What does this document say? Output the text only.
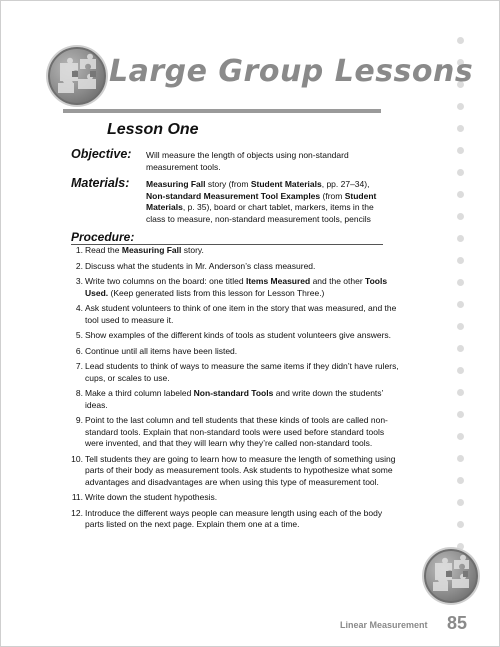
Large Group Lessons
Lesson One
Objective: Will measure the length of objects using non-standard measurement tools.
Materials: Measuring Fall story (from Student Materials, pp. 27–34), Non-standard Measurement Tool Examples (from Student Materials, p. 35), board or chart tablet, markers, items in the class to measure, non-standard measurement tools, pencils
Procedure:
1. Read the Measuring Fall story.
2. Discuss what the students in Mr. Anderson’s class measured.
3. Write two columns on the board: one titled Items Measured and the other Tools Used. (Keep generated lists from this lesson for Lesson Three.)
4. Ask student volunteers to think of one item in the story that was measured, and the tool used to measure it.
5. Show examples of the different kinds of tools as student volunteers give answers.
6. Continue until all items have been listed.
7. Lead students to think of ways to measure the same items if they didn’t have rulers, cups, or scales to use.
8. Make a third column labeled Non-standard Tools and write down the students’ ideas.
9. Point to the last column and tell students that these kinds of tools are called non-standard tools. Explain that non-standard tools were used before standard tools were invented, and that they will learn why they’re called non-standard tools.
10. Tell students they are going to learn how to measure the length of something using parts of their body as measurement tools. Ask students to hypothesize what some advantages and disadvantages are when using this type of measurement tool.
11. Write down the student hypothesis.
12. Introduce the different ways people can measure length using each of the body parts listed on the next page. Explain them one at a time.
Linear Measurement 85
